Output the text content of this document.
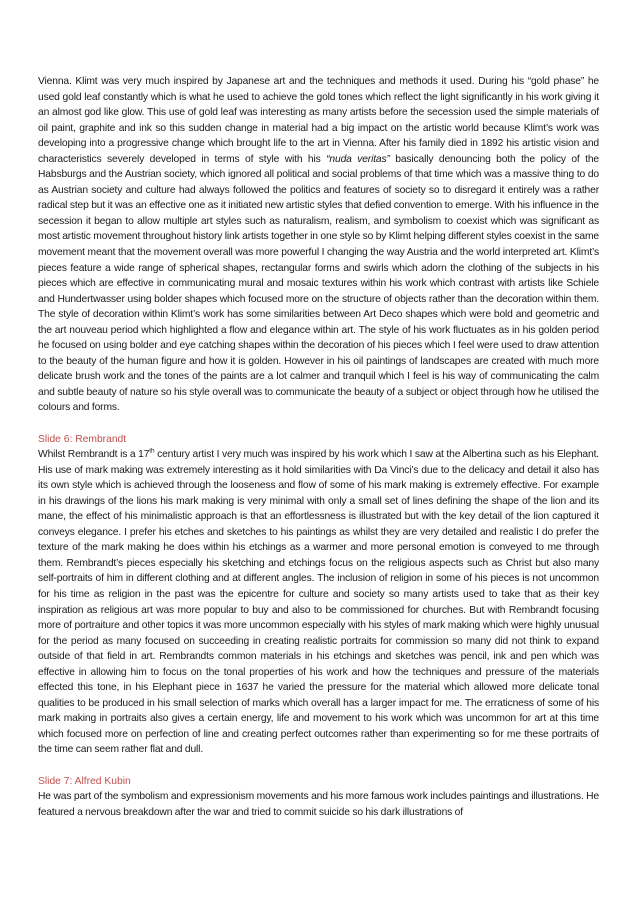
Vienna. Klimt was very much inspired by Japanese art and the techniques and methods it used. During his “gold phase” he used gold leaf constantly which is what he used to achieve the gold tones which reflect the light significantly in his work giving it an almost god like glow. This use of gold leaf was interesting as many artists before the secession used the simple materials of oil paint, graphite and ink so this sudden change in material had a big impact on the artistic world because Klimt’s work was developing into a progressive change which brought life to the art in Vienna. After his family died in 1892 his artistic vision and characteristics severely developed in terms of style with his “nuda veritas” basically denouncing both the policy of the Habsburgs and the Austrian society, which ignored all political and social problems of that time which was a massive thing to do as Austrian society and culture had always followed the politics and features of society so to disregard it entirely was a rather radical step but it was an effective one as it initiated new artistic styles that defied convention to emerge. With his influence in the secession it began to allow multiple art styles such as naturalism, realism, and symbolism to coexist which was significant as most artistic movement throughout history link artists together in one style so by Klimt helping different styles coexist in the same movement meant that the movement overall was more powerful I changing the way Austria and the world interpreted art. Klimt’s pieces feature a wide range of spherical shapes, rectangular forms and swirls which adorn the clothing of the subjects in his pieces which are effective in communicating mural and mosaic textures within his work which contrast with artists like Schiele and Hundertwasser using bolder shapes which focused more on the structure of objects rather than the decoration within them. The style of decoration within Klimt’s work has some similarities between Art Deco shapes which were bold and geometric and the art nouveau period which highlighted a flow and elegance within art. The style of his work fluctuates as in his golden period he focused on using bolder and eye catching shapes within the decoration of his pieces which I feel were used to draw attention to the beauty of the human figure and how it is golden. However in his oil paintings of landscapes are created with much more delicate brush work and the tones of the paints are a lot calmer and tranquil which I feel is his way of communicating the calm and subtle beauty of nature so his style overall was to communicate the beauty of a subject or object through how he utilised the colours and forms.

Slide 6: Rembrandt

Whilst Rembrandt is a 17th century artist I very much was inspired by his work which I saw at the Albertina such as his Elephant. His use of mark making was extremely interesting as it hold similarities with Da Vinci’s due to the delicacy and detail it also has its own style which is achieved through the looseness and flow of some of his mark making is extremely effective. For example in his drawings of the lions his mark making is very minimal with only a small set of lines defining the shape of the lion and its mane, the effect of his minimalistic approach is that an effortlessness is illustrated but with the key detail of the lion captured it conveys elegance. I prefer his etches and sketches to his paintings as whilst they are very detailed and realistic I do prefer the texture of the mark making he does within his etchings as a warmer and more personal emotion is conveyed to me through them. Rembrandt’s pieces especially his sketching and etchings focus on the religious aspects such as Christ but also many self-portraits of him in different clothing and at different angles. The inclusion of religion in some of his pieces is not uncommon for his time as religion in the past was the epicentre for culture and society so many artists used to take that as their key inspiration as religious art was more popular to buy and also to be commissioned for churches. But with Rembrandt focusing more of portraiture and other topics it was more uncommon especially with his styles of mark making which were highly unusual for the period as many focused on succeeding in creating realistic portraits for commission so many did not think to expand outside of that field in art. Rembrandts common materials in his etchings and sketches was pencil, ink and pen which was effective in allowing him to focus on the tonal properties of his work and how the techniques and pressure of the materials effected this tone, in his Elephant piece in 1637 he varied the pressure for the material which allowed more delicate tonal qualities to be produced in his small selection of marks which overall has a larger impact for me. The erraticness of some of his mark making in portraits also gives a certain energy, life and movement to his work which was uncommon for art at this time which focused more on perfection of line and creating perfect outcomes rather than experimenting so for me these portraits of the time can seem rather flat and dull.

Slide 7: Alfred Kubin

He was part of the symbolism and expressionism movements and his more famous work includes paintings and illustrations. He featured a nervous breakdown after the war and tried to commit suicide so his dark illustrations of
